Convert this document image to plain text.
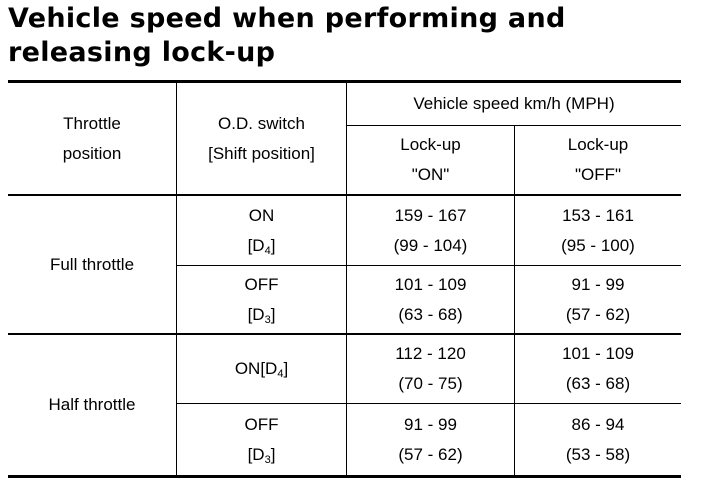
Vehicle speed when performing and
releasing lock-up
Throttle
position
O.D. switch
[Shift position]
Vehicle speed km/h (MPH)
Lock-up
"ON"
Lock-up
"OFF"
Full throttle
ON
$[D_4]$
159 - 167
(99 - 104)
153 - 161
(95 - 100)
OFF
$[D_3]$
101 - 109
(63 - 68)
91 - 99
(57 - 62)
Half throttle
$ON[D_4]$
112 - 120
(70 - 75)
101 - 109
(63 - 68)
OFF
$[D_3]$
91 - 99
(57 - 62)
86 - 94
(53 - 58)
